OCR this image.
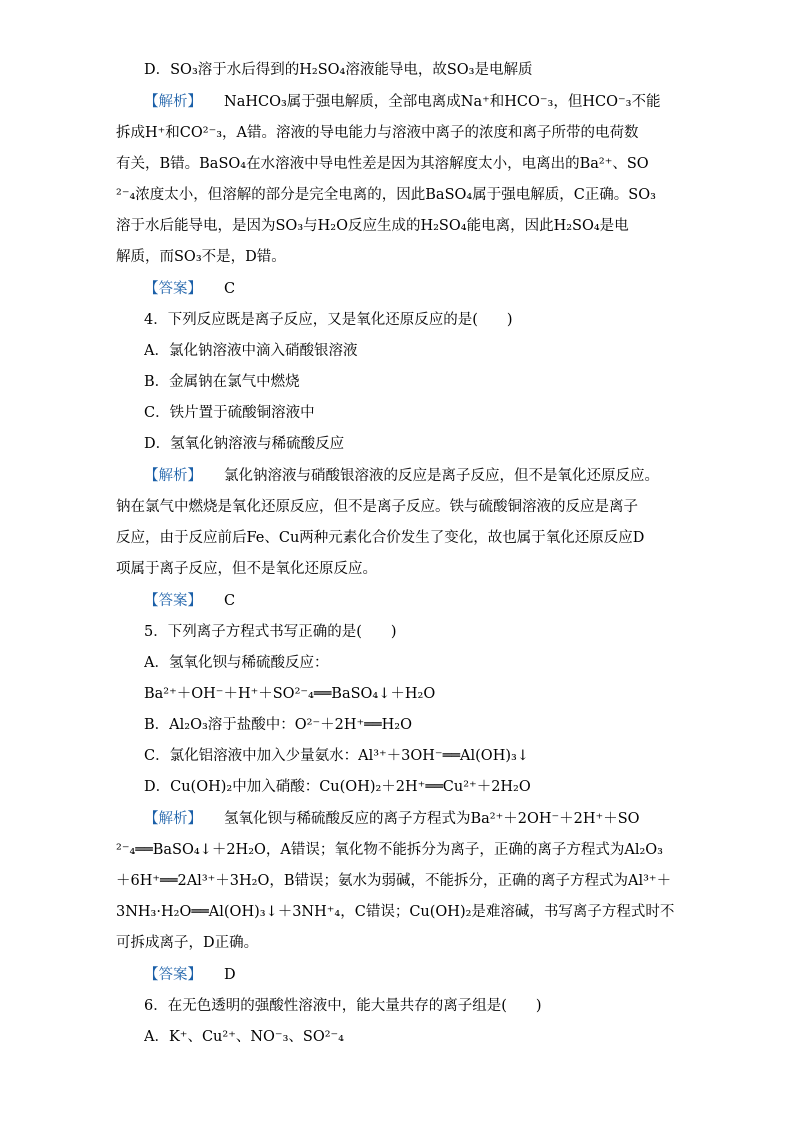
D．SO₃溶于水后得到的H₂SO₄溶液能导电，故SO₃是电解质
【解析】 NaHCO₃属于强电解质，全部电离成Na⁺和HCO⁻₃，但HCO⁻₃不能
拆成H⁺和CO²⁻₃，A错。溶液的导电能力与溶液中离子的浓度和离子所带的电荷数
有关，B错。BaSO₄在水溶液中导电性差是因为其溶解度太小，电离出的Ba²⁺、SO
²⁻₄浓度太小，但溶解的部分是完全电离的，因此BaSO₄属于强电解质，C正确。SO₃
溶于水后能导电，是因为SO₃与H₂O反应生成的H₂SO₄能电离，因此H₂SO₄是电
解质，而SO₃不是，D错。
【答案】 C
4．下列反应既是离子反应，又是氧化还原反应的是(　　)
A．氯化钠溶液中滴入硝酸银溶液
B．金属钠在氯气中燃烧
C．铁片置于硫酸铜溶液中
D．氢氧化钠溶液与稀硫酸反应
【解析】 氯化钠溶液与硝酸银溶液的反应是离子反应，但不是氧化还原反应。
钠在氯气中燃烧是氧化还原反应，但不是离子反应。铁与硫酸铜溶液的反应是离子
反应，由于反应前后Fe、Cu两种元素化合价发生了变化，故也属于氧化还原反应D
项属于离子反应，但不是氧化还原反应。
【答案】 C
5．下列离子方程式书写正确的是(　　)
A．氢氧化钡与稀硫酸反应：
Ba²⁺＋OH⁻＋H⁺＋SO²⁻₄══BaSO₄↓＋H₂O
B．Al₂O₃溶于盐酸中：O²⁻＋2H⁺══H₂O
C．氯化铝溶液中加入少量氨水：Al³⁺＋3OH⁻══Al(OH)₃↓
D．Cu(OH)₂中加入硝酸：Cu(OH)₂＋2H⁺══Cu²⁺＋2H₂O
【解析】 氢氧化钡与稀硫酸反应的离子方程式为Ba²⁺＋2OH⁻＋2H⁺＋SO
²⁻₄══BaSO₄↓＋2H₂O，A错误；氧化物不能拆分为离子，正确的离子方程式为Al₂O₃
＋6H⁺══2Al³⁺＋3H₂O，B错误；氨水为弱碱，不能拆分，正确的离子方程式为Al³⁺＋
3NH₃·H₂O══Al(OH)₃↓＋3NH⁺₄，C错误；Cu(OH)₂是难溶碱，书写离子方程式时不
可拆成离子，D正确。
【答案】 D
6．在无色透明的强酸性溶液中，能大量共存的离子组是(　　)
A．K⁺、Cu²⁺、NO⁻₃、SO²⁻₄
